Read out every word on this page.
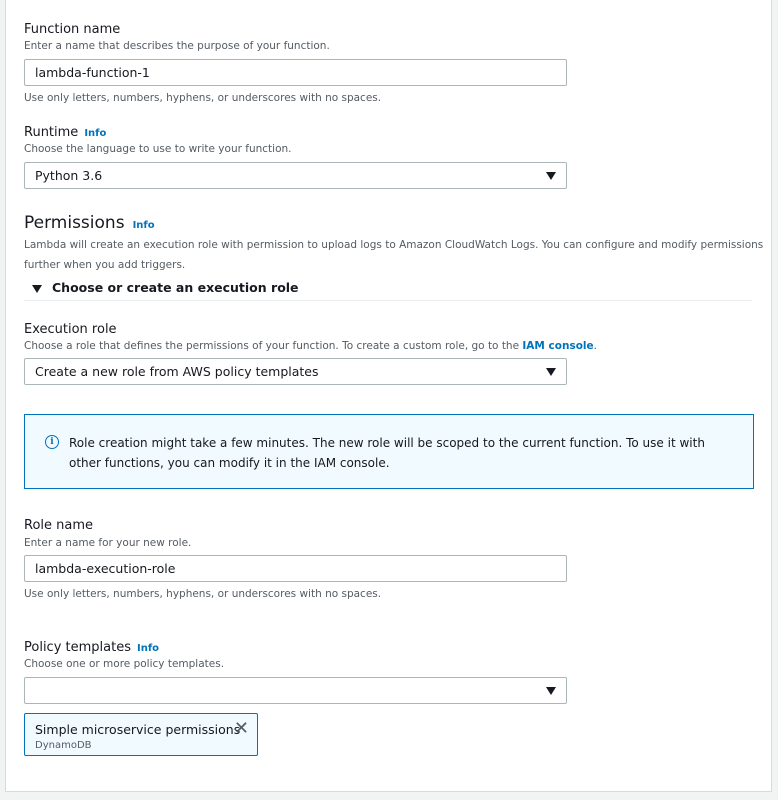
Function name
Enter a name that describes the purpose of your function.
lambda-function-1
Use only letters, numbers, hyphens, or underscores with no spaces.
Runtime Info
Choose the language to use to write your function.
Python 3.6
Permissions Info
Lambda will create an execution role with permission to upload logs to Amazon CloudWatch Logs. You can configure and modify permissions
further when you add triggers.
Choose or create an execution role
Execution role
Choose a role that defines the permissions of your function. To create a custom role, go to the IAM console.
Create a new role from AWS policy templates
i	Role creation might take a few minutes. The new role will be scoped to the current function. To use it with other functions, you can modify it in the IAM console.
Role name
Enter a name for your new role.
lambda-execution-role
Use only letters, numbers, hyphens, or underscores with no spaces.
Policy templates Info
Choose one or more policy templates.
Simple microservice permissions
DynamoDB
✕
